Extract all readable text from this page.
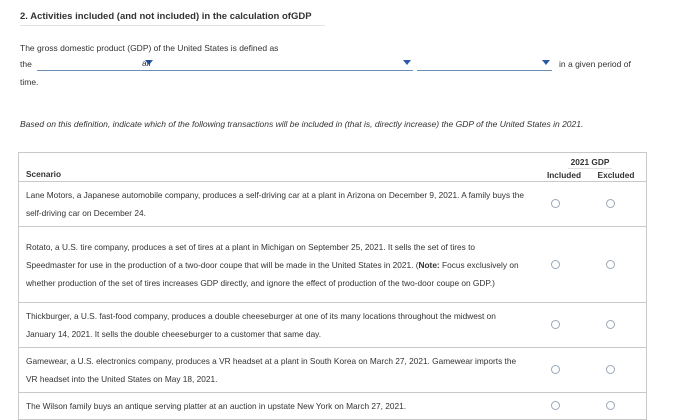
2. Activities included (and not included) in the calculation ofGDP
The gross domestic product (GDP) of the United States is defined as
the	all	in a given period of
time.
Based on this definition, indicate which of the following transactions will be included in (that is, directly increase) the GDP of the United States in 2021.
Scenario	2021 GDP
Included Excluded
Lane Motors, a Japanese automobile company, produces a self-driving car at a plant in Arizona on December 9, 2021. A family buys the self-driving car on December 24.	

Rotato, a U.S. tire company, produces a set of tires at a plant in Michigan on September 25, 2021. It sells the set of tires to Speedmaster for use in the production of a two-door coupe that will be made in the United States in 2021. (Note: Focus exclusively on whether production of the set of tires increases GDP directly, and ignore the effect of production of the two-door coupe on GDP.)	

Thickburger, a U.S. fast-food company, produces a double cheeseburger at one of its many locations throughout the midwest on January 14, 2021. It sells the double cheeseburger to a customer that same day.	

Gamewear, a U.S. electronics company, produces a VR headset at a plant in South Korea on March 27, 2021. Gamewear imports the VR headset into the United States on May 18, 2021.	

The Wilson family buys an antique serving platter at an auction in upstate New York on March 27, 2021.	
